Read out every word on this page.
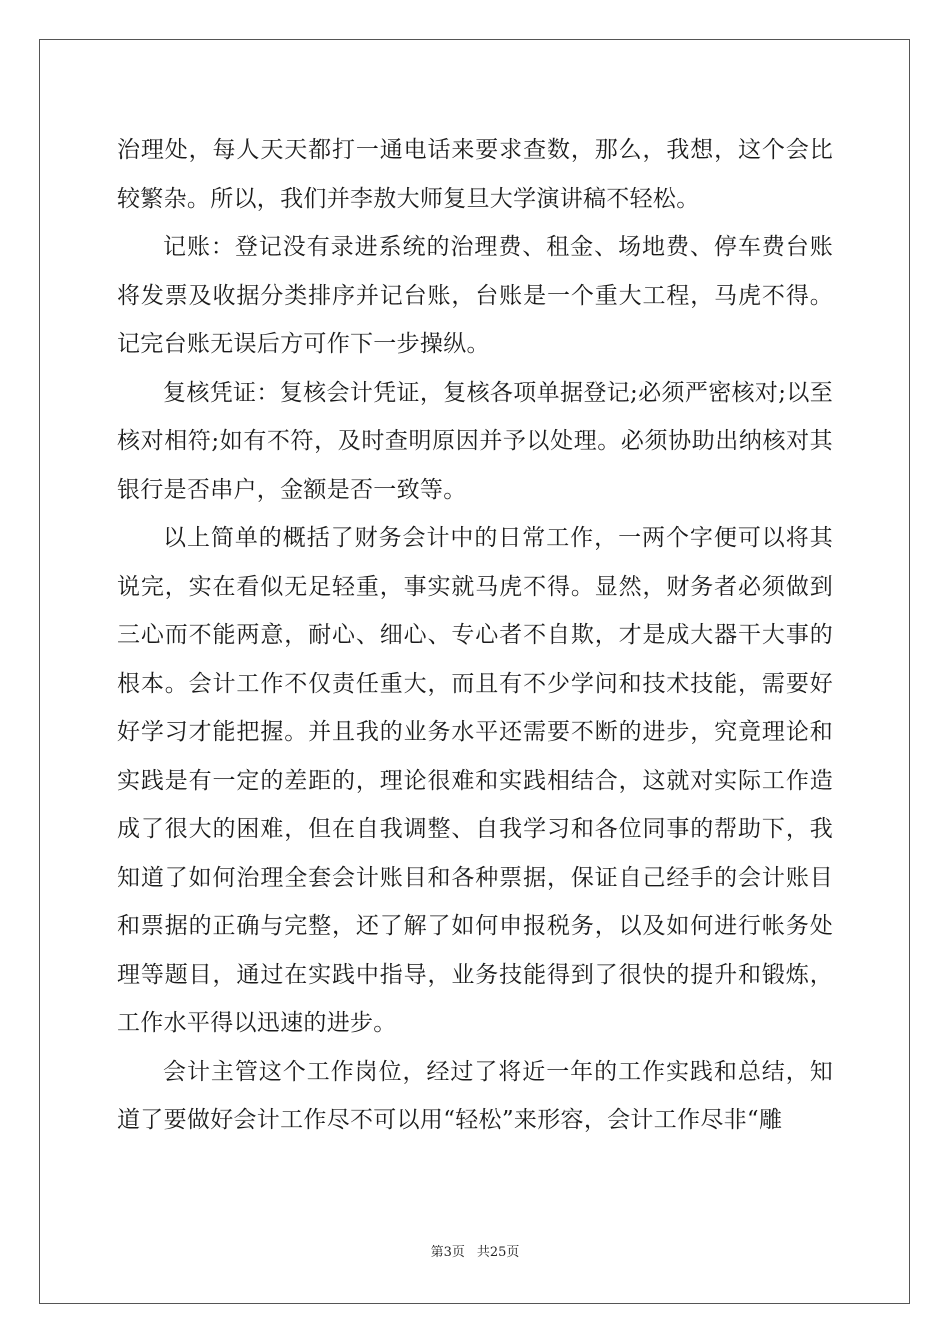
治理处，每人天天都打一通电话来要求查数，那么，我想，这个会比较繁杂。所以，我们并李敖大师复旦大学演讲稿不轻松。

记账：登记没有录进系统的治理费、租金、场地费、停车费台账将发票及收据分类排序并记台账，台账是一个重大工程，马虎不得。记完台账无误后方可作下一步操纵。

复核凭证：复核会计凭证，复核各项单据登记;必须严密核对;以至核对相符;如有不符，及时查明原因并予以处理。必须协助出纳核对其银行是否串户，金额是否一致等。

以上简单的概括了财务会计中的日常工作，一两个字便可以将其说完，实在看似无足轻重，事实就马虎不得。显然，财务者必须做到三心而不能两意，耐心、细心、专心者不自欺，才是成大器干大事的根本。会计工作不仅责任重大，而且有不少学问和技术技能，需要好好学习才能把握。并且我的业务水平还需要不断的进步，究竟理论和实践是有一定的差距的，理论很难和实践相结合，这就对实际工作造成了很大的困难，但在自我调整、自我学习和各位同事的帮助下，我知道了如何治理全套会计账目和各种票据，保证自己经手的会计账目和票据的正确与完整，还了解了如何申报税务，以及如何进行帐务处理等题目，通过在实践中指导，业务技能得到了很快的提升和锻炼，工作水平得以迅速的进步。

会计主管这个工作岗位，经过了将近一年的工作实践和总结，知道了要做好会计工作尽不可以用“轻松”来形容，会计工作尽非“雕

第3页 共25页
